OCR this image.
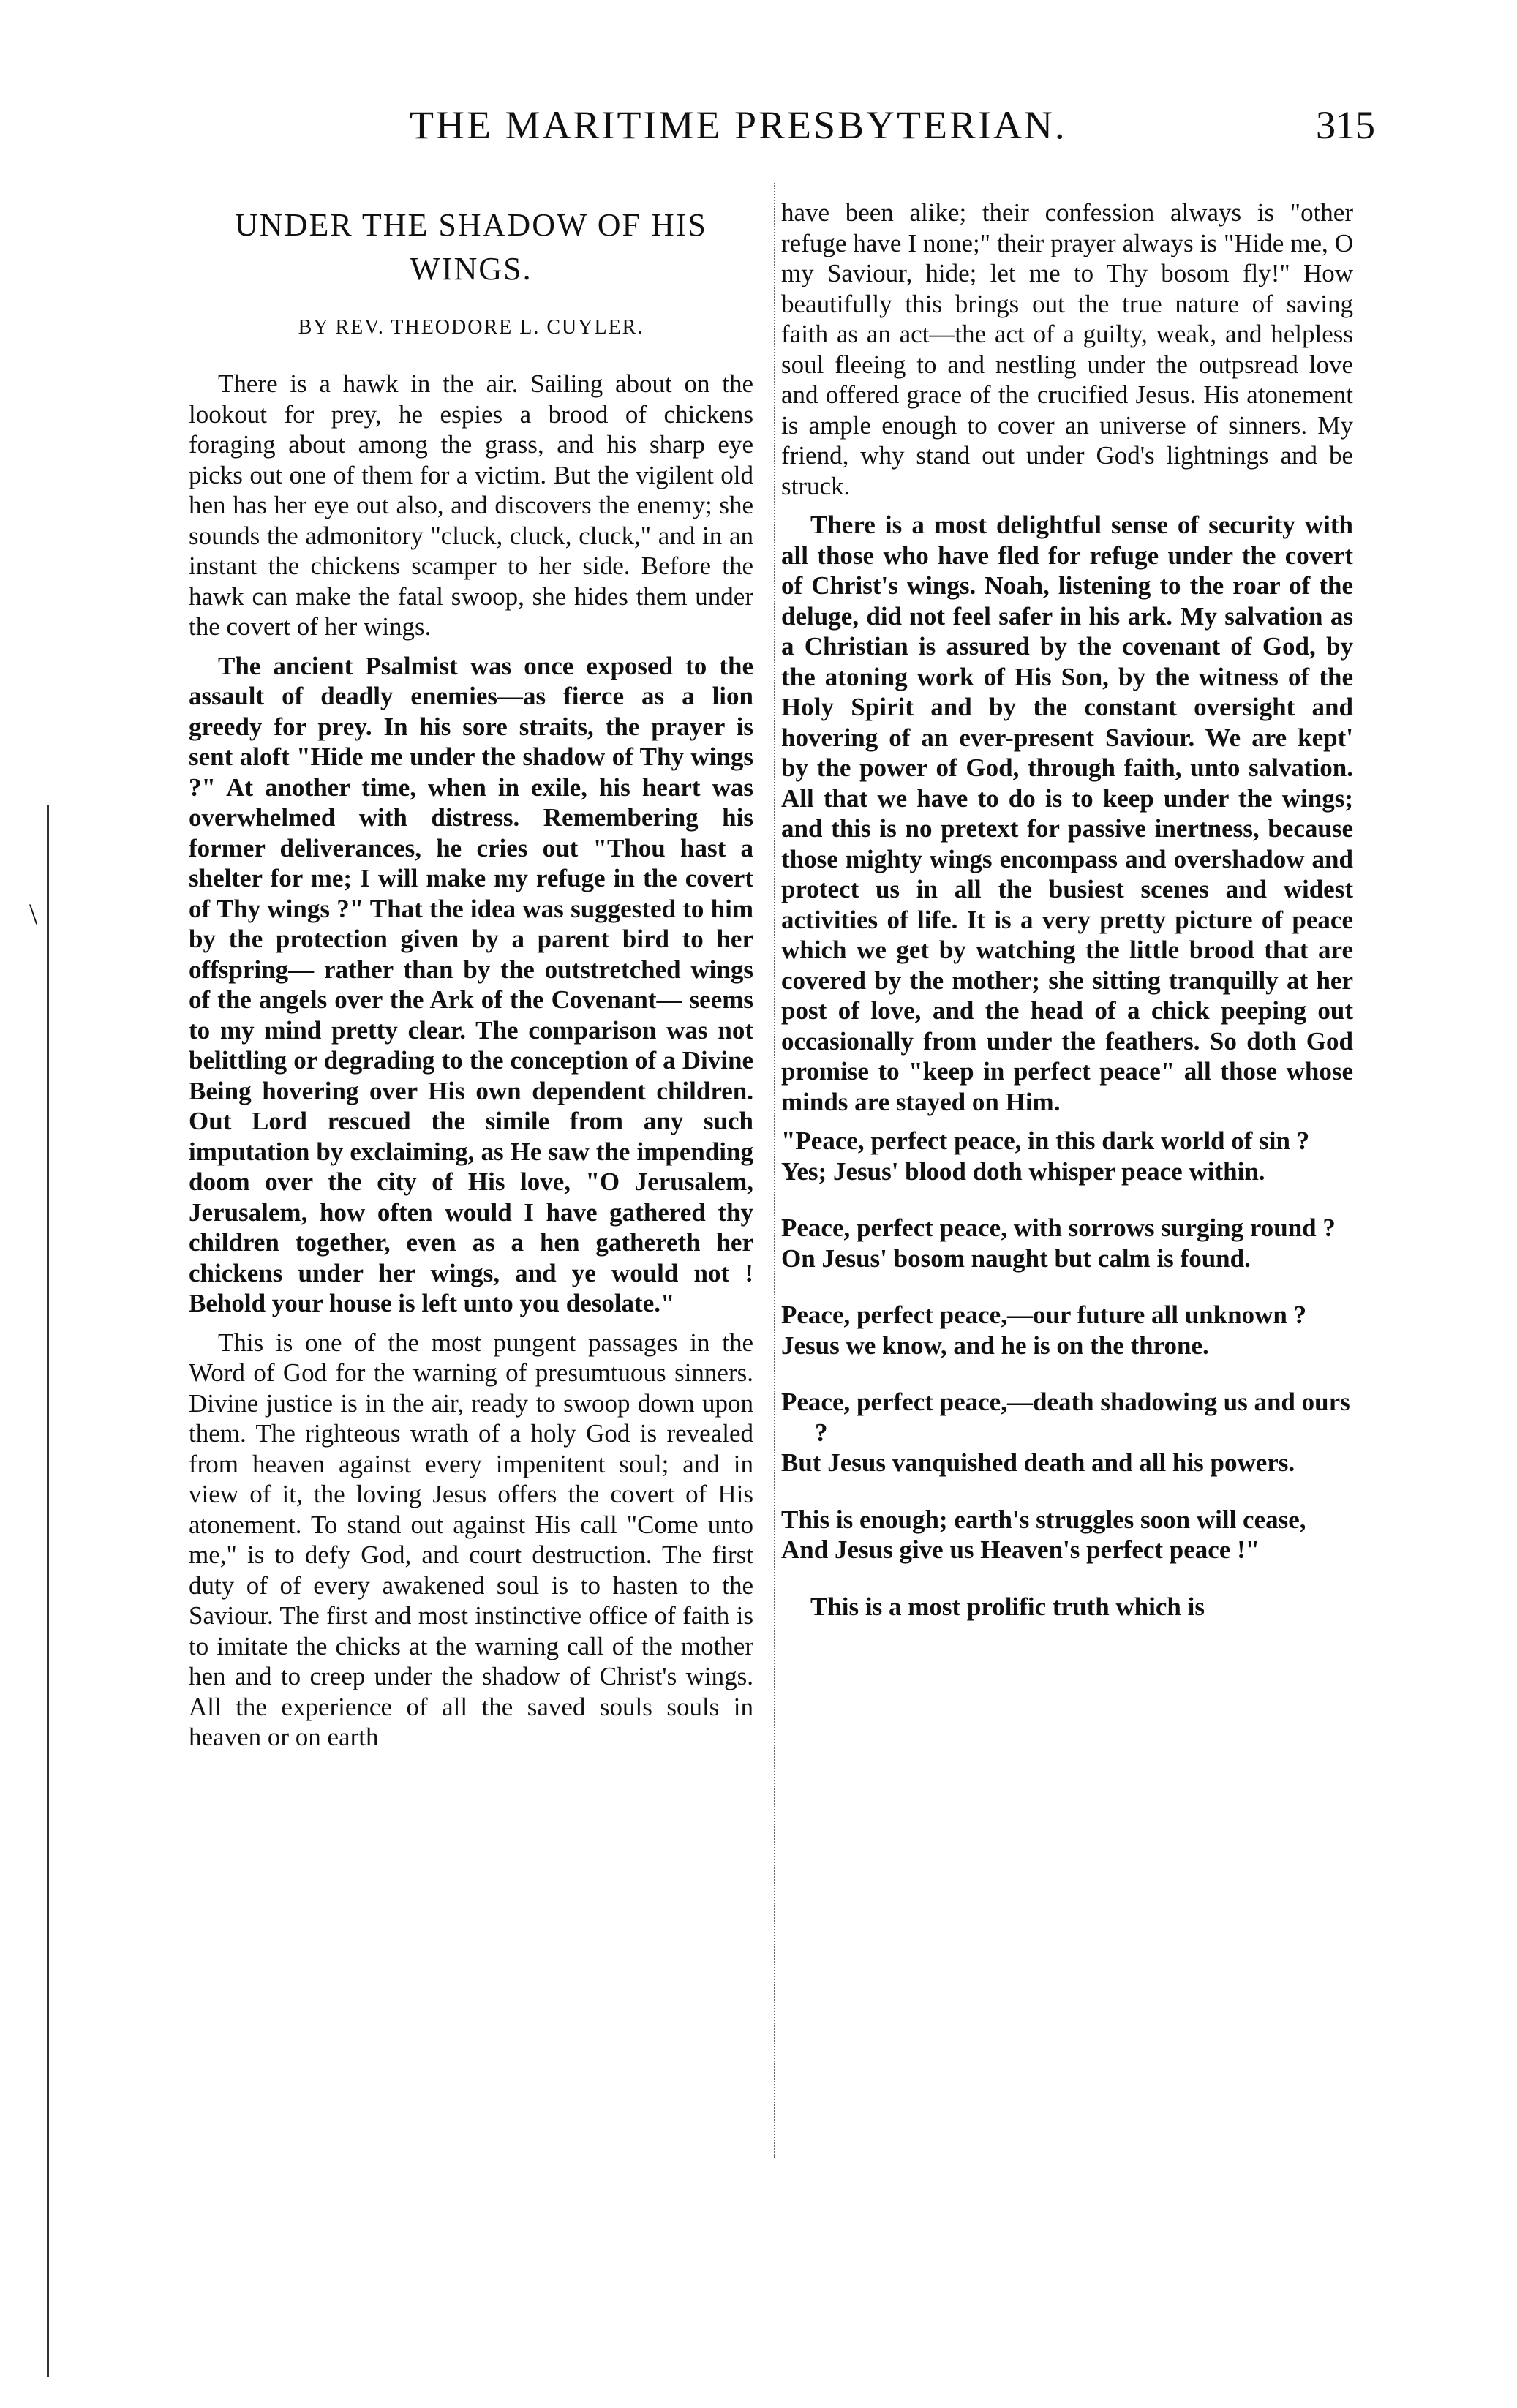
THE MARITIME PRESBYTERIAN.	315
\
UNDER THE SHADOW OF HIS WINGS.
BY REV. THEODORE L. CUYLER.

There is a hawk in the air. Sailing about on the lookout for prey, he espies a brood of chickens foraging about among the grass, and his sharp eye picks out one of them for a victim. But the vigilent old hen has her eye out also, and discovers the enemy; she sounds the admonitory "cluck, cluck, cluck," and in an instant the chickens scamper to her side. Before the hawk can make the fatal swoop, she hides them under the covert of her wings.

The ancient Psalmist was once exposed to the assault of deadly enemies—as fierce as a lion greedy for prey. In his sore straits, the prayer is sent aloft "Hide me under the shadow of Thy wings ?" At another time, when in exile, his heart was overwhelmed with distress. Remembering his former deliverances, he cries out "Thou hast a shelter for me; I will make my refuge in the covert of Thy wings ?" That the idea was suggested to him by the protection given by a parent bird to her offspring— rather than by the outstretched wings of the angels over the Ark of the Covenant— seems to my mind pretty clear. The comparison was not belittling or degrading to the conception of a Divine Being hovering over His own dependent children. Out Lord rescued the simile from any such imputation by exclaiming, as He saw the impending doom over the city of His love, "O Jerusalem, Jerusalem, how often would I have gathered thy children together, even as a hen gathereth her chickens under her wings, and ye would not ! Behold your house is left unto you desolate."

This is one of the most pungent passages in the Word of God for the warning of presumtuous sinners. Divine justice is in the air, ready to swoop down upon them. The righteous wrath of a holy God is revealed from heaven against every impenitent soul; and in view of it, the loving Jesus offers the covert of His atonement. To stand out against His call "Come unto me," is to defy God, and court destruction. The first duty of of every awakened soul is to hasten to the Saviour. The first and most instinctive office of faith is to imitate the chicks at the warning call of the mother hen and to creep under the shadow of Christ's wings. All the experience of all the saved souls souls in heaven or on earth

have been alike; their confession always is "other refuge have I none;" their prayer always is "Hide me, O my Saviour, hide; let me to Thy bosom fly!" How beautifully this brings out the true nature of saving faith as an act—the act of a guilty, weak, and helpless soul fleeing to and nestling under the outpsread love and offered grace of the crucified Jesus. His atonement is ample enough to cover an universe of sinners. My friend, why stand out under God's lightnings and be struck.

There is a most delightful sense of security with all those who have fled for refuge under the covert of Christ's wings. Noah, listening to the roar of the deluge, did not feel safer in his ark. My salvation as a Christian is assured by the covenant of God, by the atoning work of His Son, by the witness of the Holy Spirit and by the constant oversight and hovering of an ever-present Saviour. We are kept' by the power of God, through faith, unto salvation. All that we have to do is to keep under the wings; and this is no pretext for passive inertness, because those mighty wings encompass and overshadow and protect us in all the busiest scenes and widest activities of life. It is a very pretty picture of peace which we get by watching the little brood that are covered by the mother; she sitting tranquilly at her post of love, and the head of a chick peeping out occasionally from under the feathers. So doth God promise to "keep in perfect peace" all those whose minds are stayed on Him.

"Peace, perfect peace, in this dark world of sin ?
Yes; Jesus' blood doth whisper peace within.
Peace, perfect peace, with sorrows surging round ?
On Jesus' bosom naught but calm is found.
Peace, perfect peace,—our future all unknown ?
Jesus we know, and he is on the throne.
Peace, perfect peace,—death shadowing us and ours ?
But Jesus vanquished death and all his powers.
This is enough; earth's struggles soon will cease,
And Jesus give us Heaven's perfect peace !"

This is a most prolific truth which is
